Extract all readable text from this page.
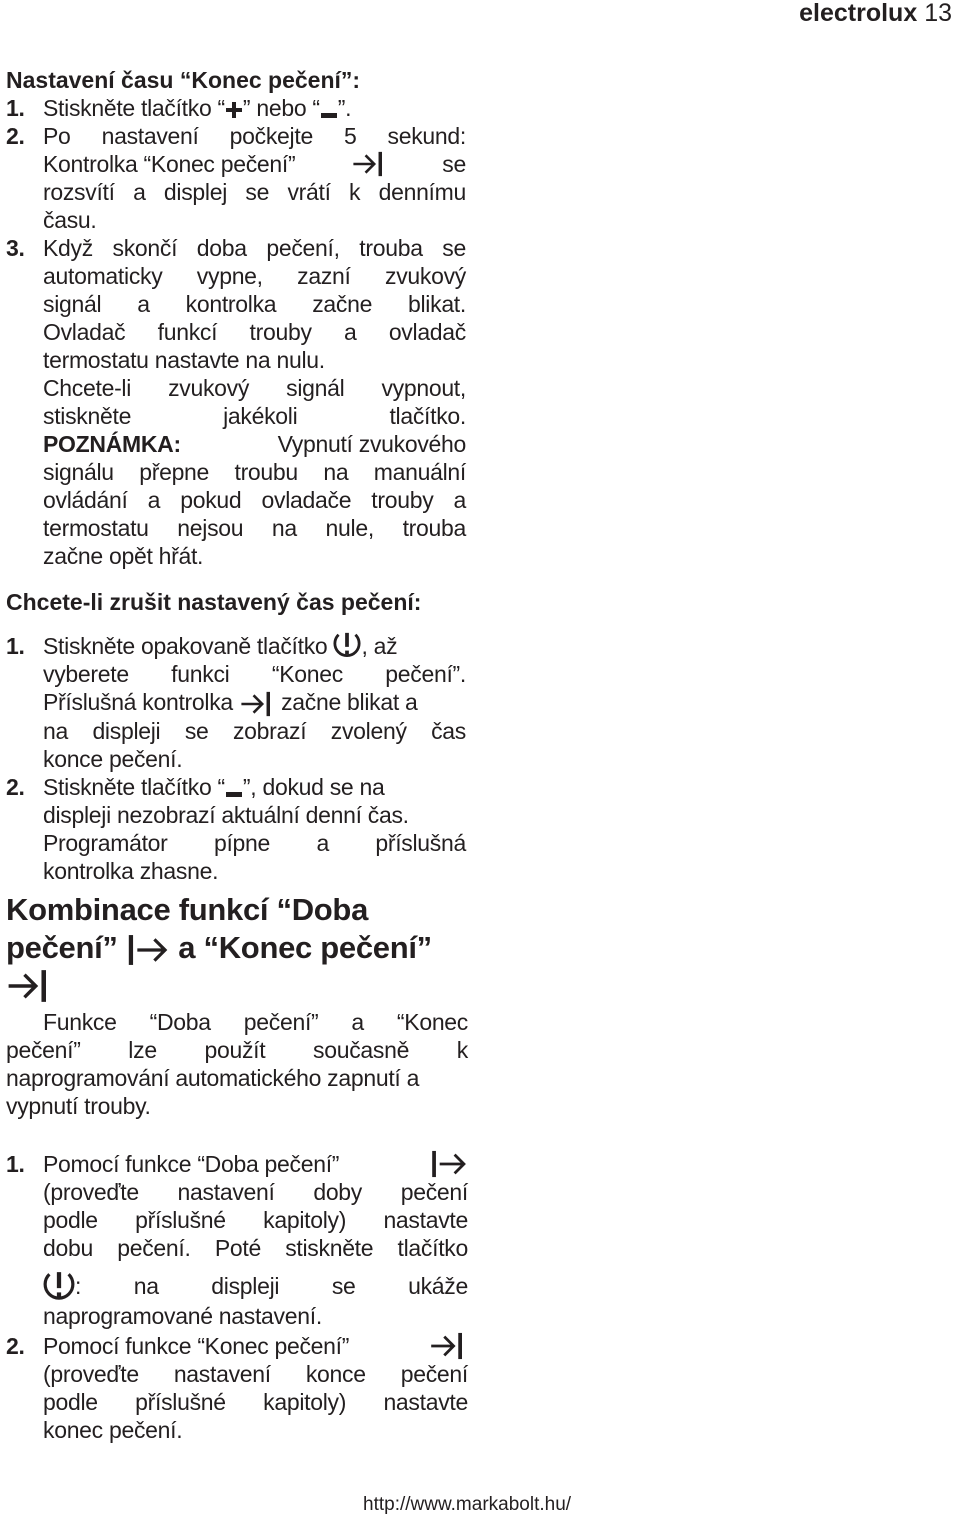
electrolux 13

Nastavení času “Konec pečení”:

1. Stiskněte tlačítko “ ” nebo “ ”.
2. Po nastavení počkejte 5 sekund:
Kontrolka “Konec pečení”	se
rozsvítí a displej se vrátí k dennímu
času.
3. Když skončí doba pečení, trouba se
automaticky vypne, zazní zvukový
signál a kontrolka začne blikat.
Ovladač funkcí trouby a ovladač
termostatu nastavte na nulu.
Chcete-li zvukový signál vypnout,
stiskněte jakékoli tlačítko.
POZNÁMKA:	Vypnutí zvukového
signálu přepne troubu na manuální
ovládání a pokud ovladače trouby a
termostatu nejsou na nule, trouba
začne opět hřát.

Chcete-li zrušit nastavený čas pečení:

1. Stiskněte opakovaně tlačítko , až
vyberete funkci “Konec pečení”.
Příslušná kontrolka začne blikat a
na displeji se zobrazí zvolený čas
konce pečení.
2. Stiskněte tlačítko “ ”, dokud se na
displeji nezobrazí aktuální denní čas.
Programátor pípne a příslušná
kontrolka zhasne.

Kombinace funkcí “Doba

pečení” a “Konec pečení”

Funkce “Doba pečení” a “Konec
pečení” lze použít současně k
naprogramování automatického zapnutí a
vypnutí trouby.
1. Pomocí funkce “Doba pečení”
(proveďte nastavení doby pečení
podle příslušné kapitoly) nastavte
dobu pečení. Poté stiskněte tlačítko
: na displeji se ukáže
naprogramované nastavení.
2. Pomocí funkce “Konec pečení”
(proveďte nastavení konce pečení
podle příslušné kapitoly) nastavte
konec pečení.
http://www.markabolt.hu/
